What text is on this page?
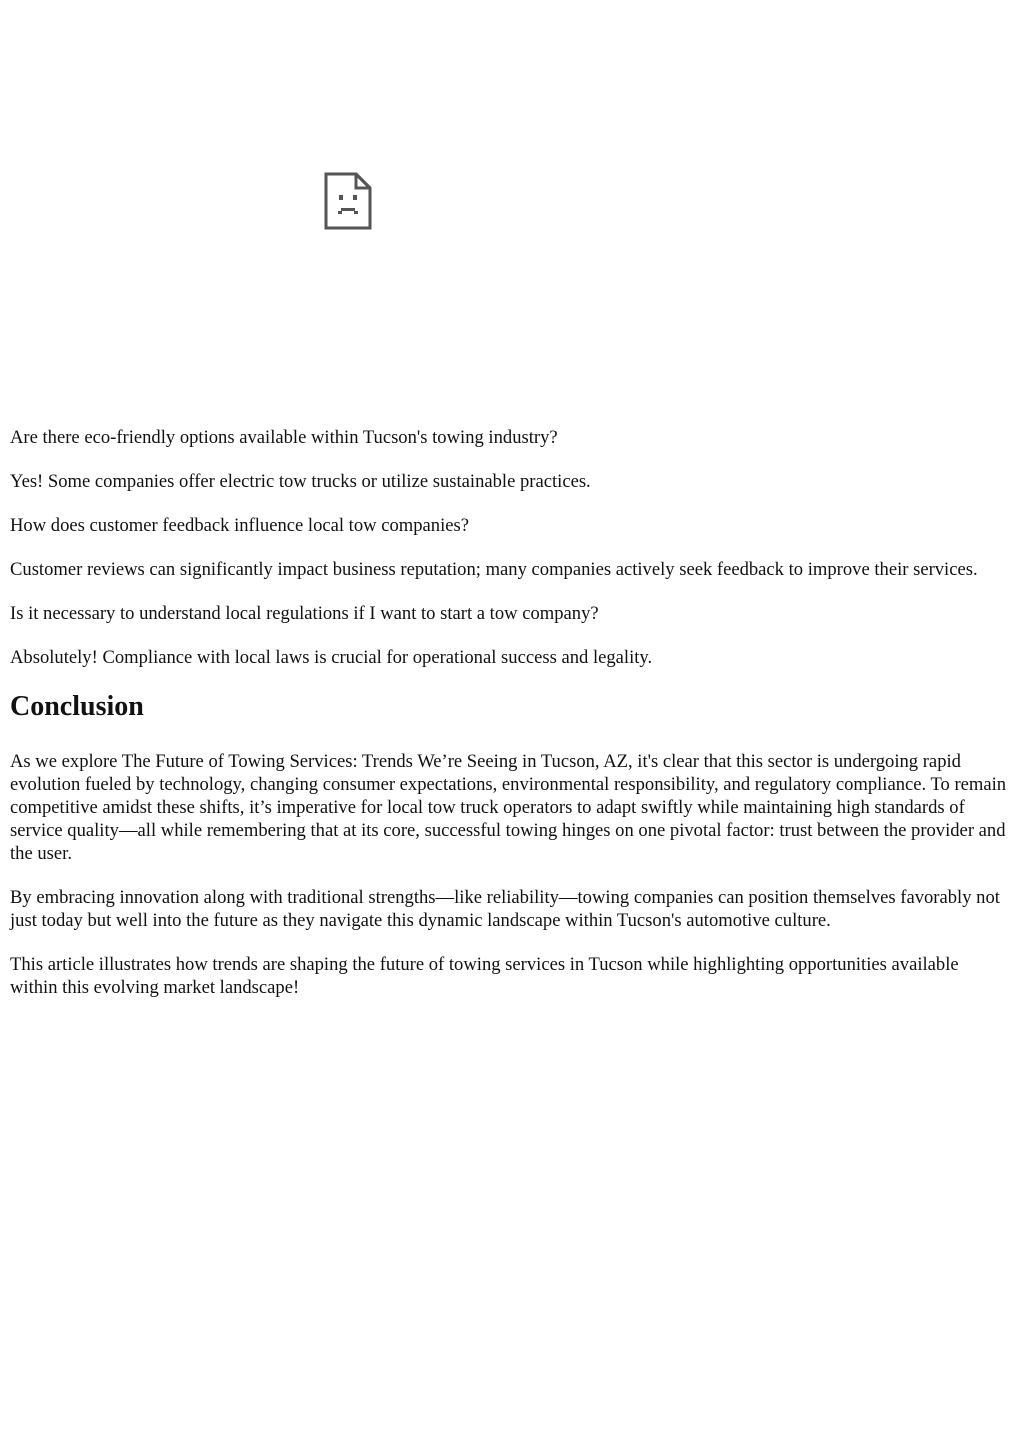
Are there eco-friendly options available within Tucson's towing industry?

Yes! Some companies offer electric tow trucks or utilize sustainable practices.

How does customer feedback influence local tow companies?

Customer reviews can significantly impact business reputation; many companies actively seek feedback to improve their services.

Is it necessary to understand local regulations if I want to start a tow company?

Absolutely! Compliance with local laws is crucial for operational success and legality.

Conclusion

As we explore The Future of Towing Services: Trends We’re Seeing in Tucson, AZ, it's clear that this sector is undergoing rapid evolution fueled by technology, changing consumer expectations, environmental responsibility, and regulatory compliance. To remain competitive amidst these shifts, it’s imperative for local tow truck operators to adapt swiftly while maintaining high standards of service quality—all while remembering that at its core, successful towing hinges on one pivotal factor: trust between the provider and the user.

By embracing innovation along with traditional strengths—like reliability—towing companies can position themselves favorably not just today but well into the future as they navigate this dynamic landscape within Tucson's automotive culture.

This article illustrates how trends are shaping the future of towing services in Tucson while highlighting opportunities available within this evolving market landscape!
